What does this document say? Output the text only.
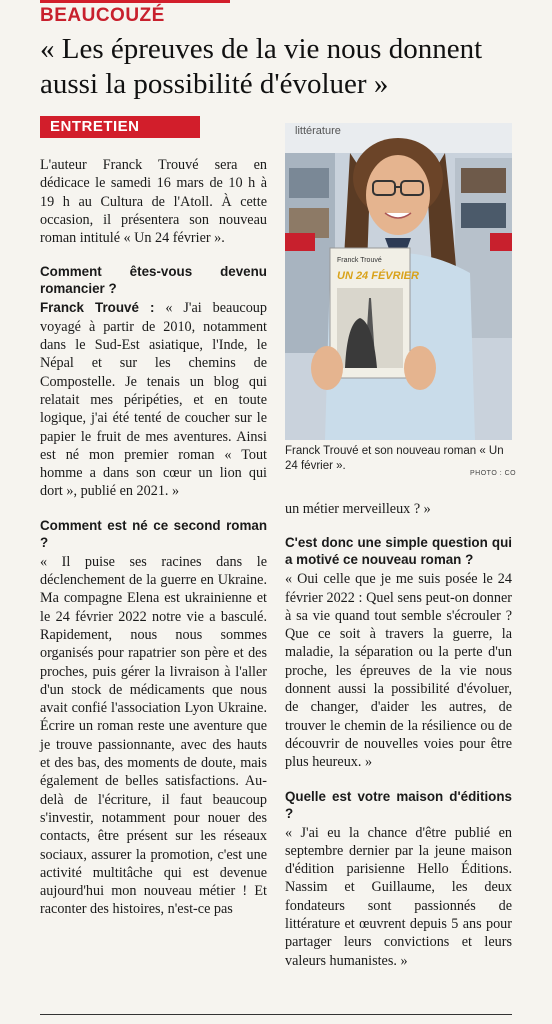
BEAUCOUZÉ
« Les épreuves de la vie nous donnent aussi la possibilité d'évoluer »
ENTRETIEN

L'auteur Franck Trouvé sera en dédicace le samedi 16 mars de 10 h à 19 h au Cultura de l'Atoll. À cette occasion, il présentera son nouveau roman intitulé « Un 24 février ».

Comment êtes-vous devenu romancier ?

Franck Trouvé : « J'ai beaucoup voyagé à partir de 2010, notamment dans le Sud-Est asiatique, l'Inde, le Népal et sur les chemins de Compostelle. Je tenais un blog qui relatait mes péripéties, et en toute logique, j'ai été tenté de coucher sur le papier le fruit de mes aventures. Ainsi est né mon premier roman « Tout homme a dans son cœur un lion qui dort », publié en 2021. »

Comment est né ce second roman ?

« Il puise ses racines dans le déclenchement de la guerre en Ukraine. Ma compagne Elena est ukrainienne et le 24 février 2022 notre vie a basculé. Rapidement, nous nous sommes organisés pour rapatrier son père et des proches, puis gérer la livraison à l'aller d'un stock de médicaments que nous avait confié l'association Lyon Ukraine. Écrire un roman reste une aventure que je trouve passionnante, avec des hauts et des bas, des moments de doute, mais également de belles satisfactions. Au-delà de l'écriture, il faut beaucoup s'investir, notamment pour nouer des contacts, être présent sur les réseaux sociaux, assurer la promotion, c'est une activité multitâche qui est devenue aujourd'hui mon nouveau métier ! Et raconter des histoires, n'est-ce pas

littérature
Franck Trouvé
UN 24 FÉVRIER
Franck Trouvé et son nouveau roman « Un 24 février ».
PHOTO : CO

un métier merveilleux ? »

C'est donc une simple question qui a motivé ce nouveau roman ?

« Oui celle que je me suis posée le 24 février 2022 : Quel sens peut-on donner à sa vie quand tout semble s'écrouler ? Que ce soit à travers la guerre, la maladie, la séparation ou la perte d'un proche, les épreuves de la vie nous donnent aussi la possibilité d'évoluer, de changer, d'aider les autres, de trouver le chemin de la résilience ou de découvrir de nouvelles voies pour être plus heureux. »

Quelle est votre maison d'éditions ?

« J'ai eu la chance d'être publié en septembre dernier par la jeune maison d'édition parisienne Hello Éditions. Nassim et Guillaume, les deux fondateurs sont passionnés de littérature et œuvrent depuis 5 ans pour partager leurs convictions et leurs valeurs humanistes. »
